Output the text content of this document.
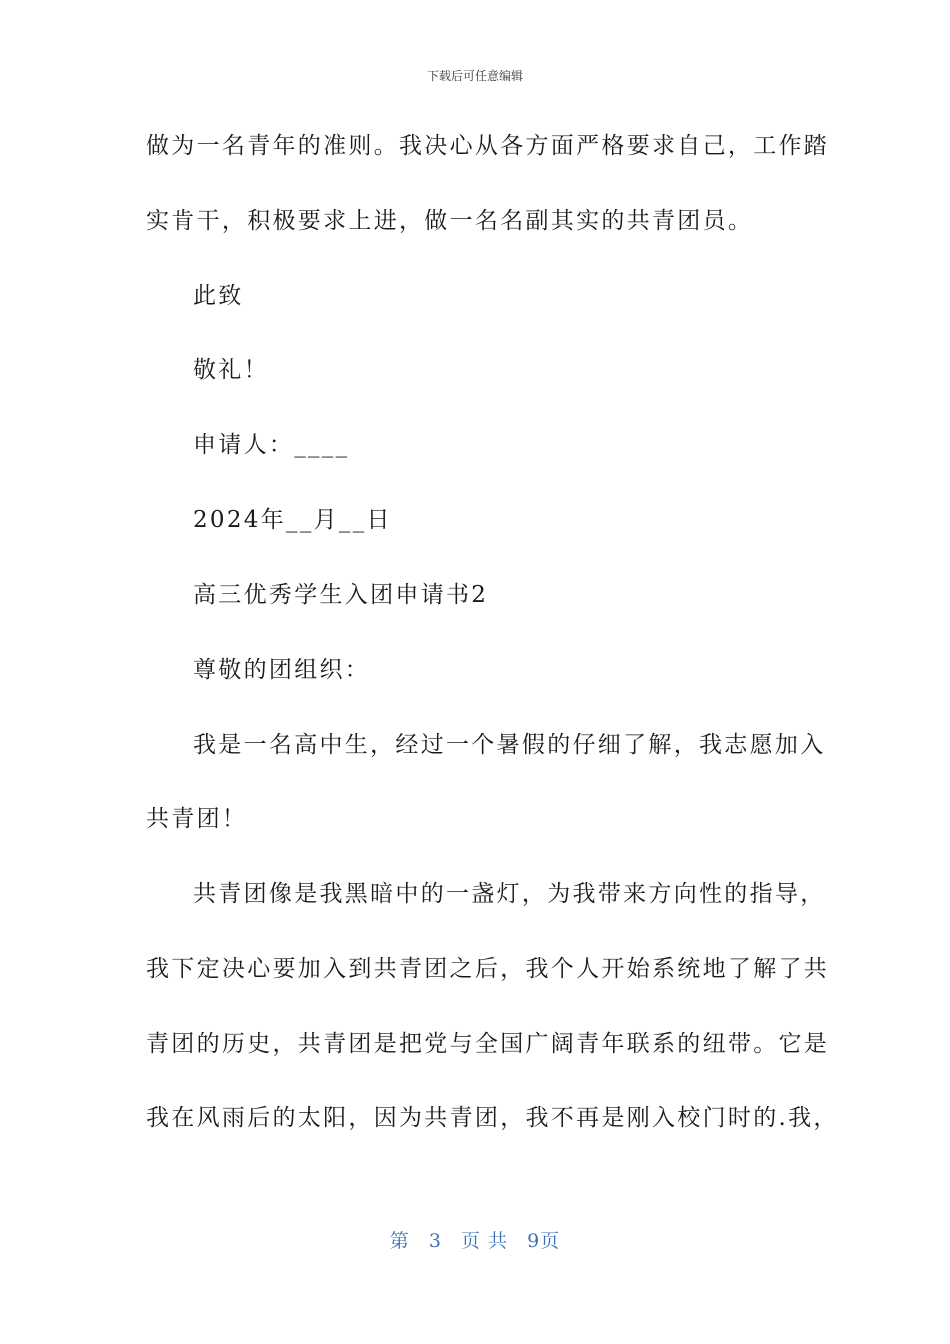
下载后可任意编辑
做为一名青年的准则。我决心从各方面严格要求自己，工作踏
实肯干，积极要求上进，做一名名副其实的共青团员。
此致
敬礼！
申请人：____
2024年__月__日
高三优秀学生入团申请书2
尊敬的团组织：
我是一名高中生，经过一个暑假的仔细了解，我志愿加入
共青团！
共青团像是我黑暗中的一盏灯，为我带来方向性的指导，
我下定决心要加入到共青团之后，我个人开始系统地了解了共
青团的历史，共青团是把党与全国广阔青年联系的纽带。它是
我在风雨后的太阳，因为共青团，我不再是刚入校门时的.我，
第 3 页 共 9页
